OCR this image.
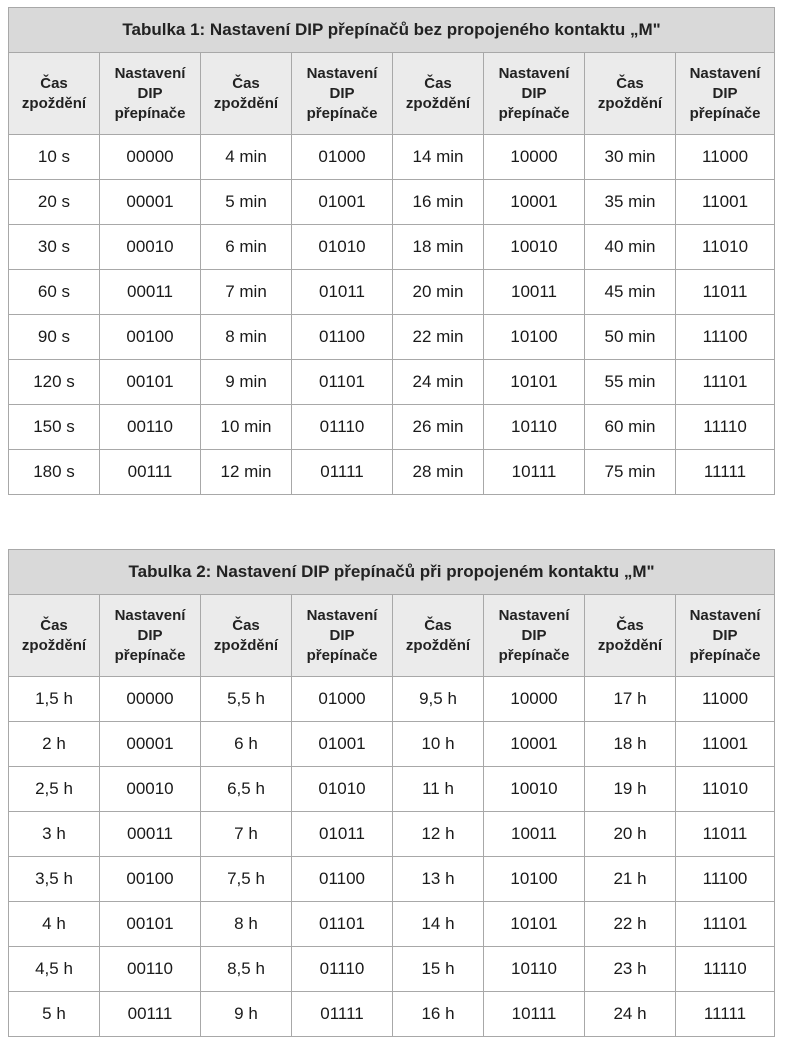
Tabulka 1: Nastavení DIP přepínačů bez propojeného kontaktu „M"							

Čas
zpoždění	Nastavení
DIP
přepínače	Čas
zpoždění	Nastavení
DIP
přepínače	Čas
zpoždění	Nastavení
DIP
přepínače	Čas
zpoždění	Nastavení
DIP
přepínače

10 s	00000	4 min	01000	14 min	10000	30 min	11000
20 s	00001	5 min	01001	16 min	10001	35 min	11001
30 s	00010	6 min	01010	18 min	10010	40 min	11010
60 s	00011	7 min	01011	20 min	10011	45 min	11011
90 s	00100	8 min	01100	22 min	10100	50 min	11100
120 s	00101	9 min	01101	24 min	10101	55 min	11101
150 s	00110	10 min	01110	26 min	10110	60 min	11110
180 s	00111	12 min	01111	28 min	10111	75 min	11111
Tabulka 2: Nastavení DIP přepínačů při propojeném kontaktu „M"							

Čas
zpoždění	Nastavení
DIP
přepínače	Čas
zpoždění	Nastavení
DIP
přepínače	Čas
zpoždění	Nastavení
DIP
přepínače	Čas
zpoždění	Nastavení
DIP
přepínače

1,5 h	00000	5,5 h	01000	9,5 h	10000	17 h	11000
2 h	00001	6 h	01001	10 h	10001	18 h	11001
2,5 h	00010	6,5 h	01010	11 h	10010	19 h	11010
3 h	00011	7 h	01011	12 h	10011	20 h	11011
3,5 h	00100	7,5 h	01100	13 h	10100	21 h	11100
4 h	00101	8 h	01101	14 h	10101	22 h	11101
4,5 h	00110	8,5 h	01110	15 h	10110	23 h	11110
5 h	00111	9 h	01111	16 h	10111	24 h	11111
